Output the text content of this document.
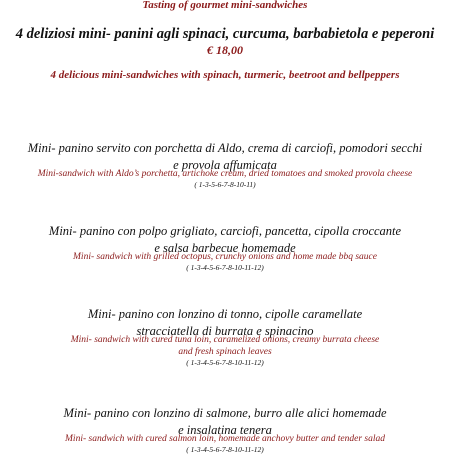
Tasting of gourmet mini-sandwiches
4 deliziosi mini- panini agli spinaci, curcuma, barbabietola e peperoni
€ 18,00
4 delicious mini-sandwiches with spinach, turmeric, beetroot and bellpeppers
Mini- panino servito con porchetta di Aldo, crema di carciofi, pomodori secchi
e provola affumicata
Mini-sandwich with Aldo’s porchetta, artichoke cream, dried tomatoes and smoked provola cheese
( 1-3-5-6-7-8-10-11)
Mini- panino con polpo grigliato, carciofi, pancetta, cipolla croccante
e salsa barbecue homemade
Mini- sandwich with grilled octopus, crunchy onions and home made bbq sauce
( 1-3-4-5-6-7-8-10-11-12)
Mini- panino con lonzino di tonno, cipolle caramellate
stracciatella di burrata e spinacino
Mini- sandwich with cured tuna loin, caramelized onions, creamy burrata cheese
and fresh spinach leaves
( 1-3-4-5-6-7-8-10-11-12)
Mini- panino con lonzino di salmone, burro alle alici homemade
e insalatina tenera
Mini- sandwich with cured salmon loin, homemade anchovy butter and tender salad
( 1-3-4-5-6-7-8-10-11-12)
